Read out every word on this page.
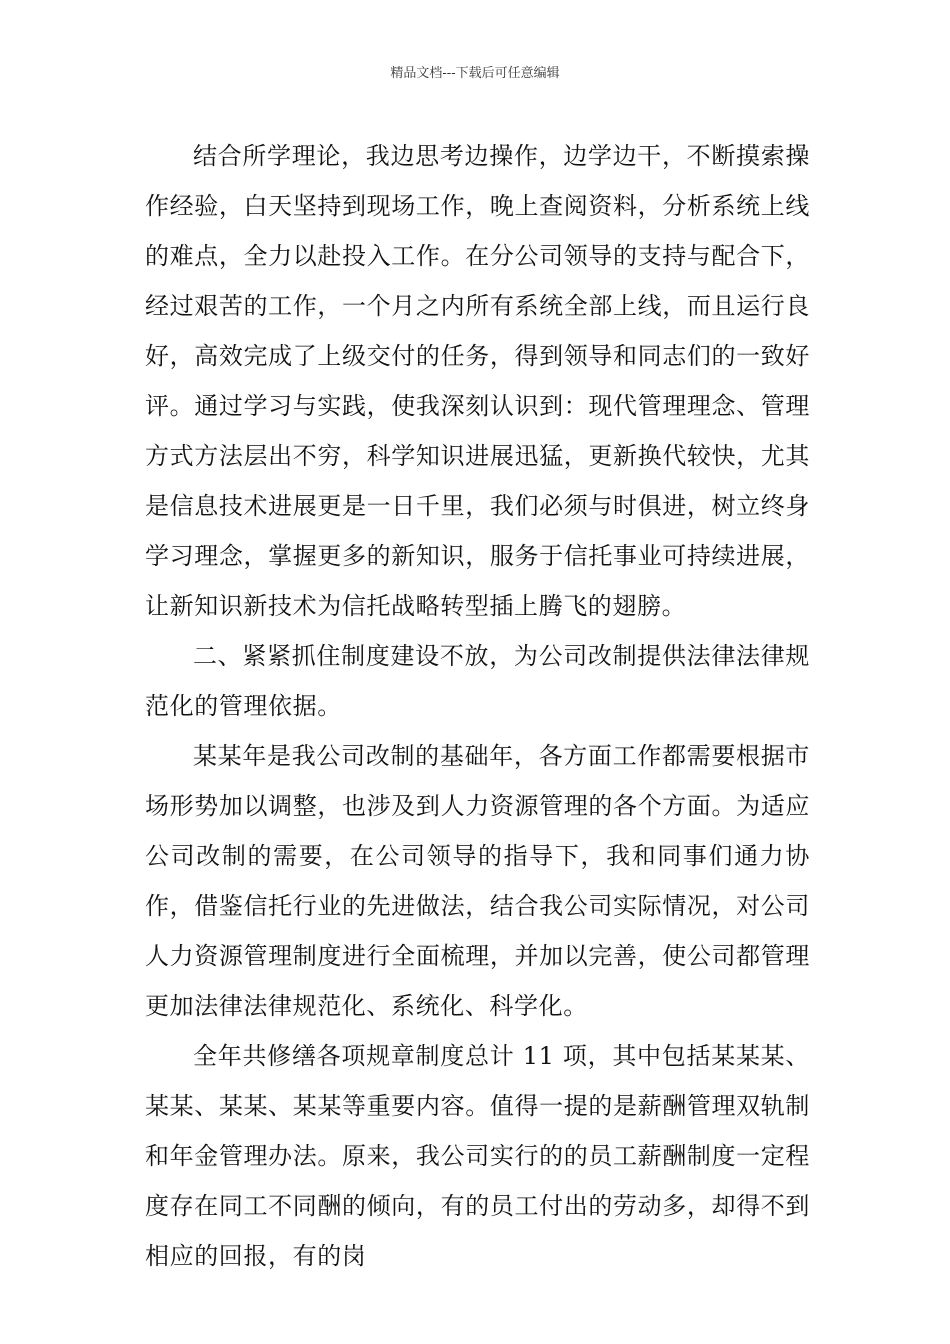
精品文档---下载后可任意编辑

结合所学理论，我边思考边操作，边学边干，不断摸索操作经验，白天坚持到现场工作，晚上查阅资料，分析系统上线的难点，全力以赴投入工作。在分公司领导的支持与配合下，经过艰苦的工作，一个月之内所有系统全部上线，而且运行良好，高效完成了上级交付的任务，得到领导和同志们的一致好评。通过学习与实践，使我深刻认识到：现代管理理念、管理方式方法层出不穷，科学知识进展迅猛，更新换代较快，尤其是信息技术进展更是一日千里，我们必须与时俱进，树立终身学习理念，掌握更多的新知识，服务于信托事业可持续进展，让新知识新技术为信托战略转型插上腾飞的翅膀。

二、紧紧抓住制度建设不放，为公司改制提供法律法律规范化的管理依据。

某某年是我公司改制的基础年，各方面工作都需要根据市场形势加以调整，也涉及到人力资源管理的各个方面。为适应公司改制的需要，在公司领导的指导下，我和同事们通力协作，借鉴信托行业的先进做法，结合我公司实际情况，对公司人力资源管理制度进行全面梳理，并加以完善，使公司都管理更加法律法律规范化、系统化、科学化。

全年共修缮各项规章制度总计 11 项，其中包括某某某、某某、某某、某某等重要内容。值得一提的是薪酬管理双轨制和年金管理办法。原来，我公司实行的的员工薪酬制度一定程度存在同工不同酬的倾向，有的员工付出的劳动多，却得不到相应的回报，有的岗
